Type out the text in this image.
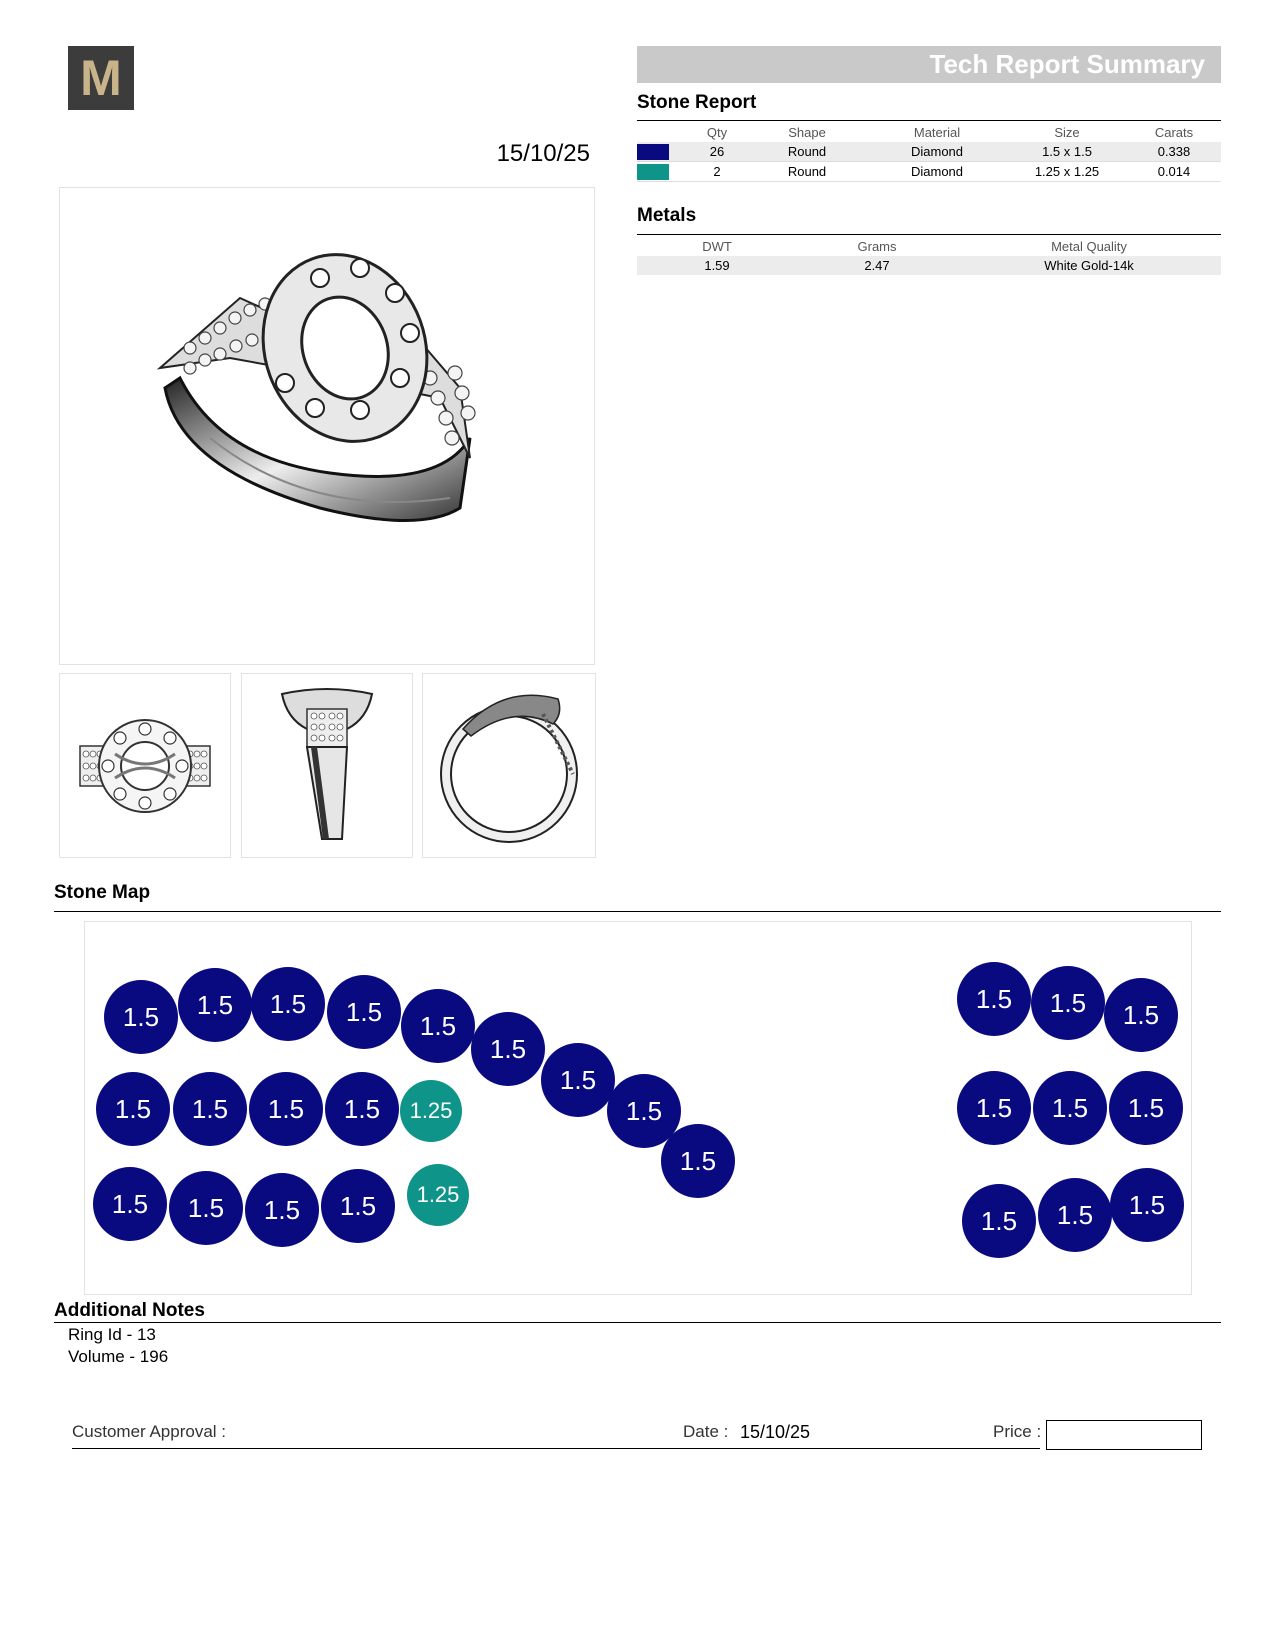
M
15/10/25
Tech Report Summary
Stone Report
	Qty	Shape	Material	Size	Carats
	26	Round	Diamond	1.5 x 1.5	0.338
	2	Round	Diamond	1.25 x 1.25	0.014
Metals
DWT	Grams	Metal Quality
1.59	2.47	White Gold-14k
Stone Map
1.5	1.5	1.5	1.5	1.5
1.5
1.5
1.5
1.5
1.5	1.5	1.5	1.5
1.5	1.5	1.5	1.5
1.5	1.5	1.5
1.5	1.5	1.5
1.5	1.5	1.5
1.25
1.25
Additional Notes
Ring Id - 13
Volume - 196
Customer Approval :	Date : 15/10/25	Price :
